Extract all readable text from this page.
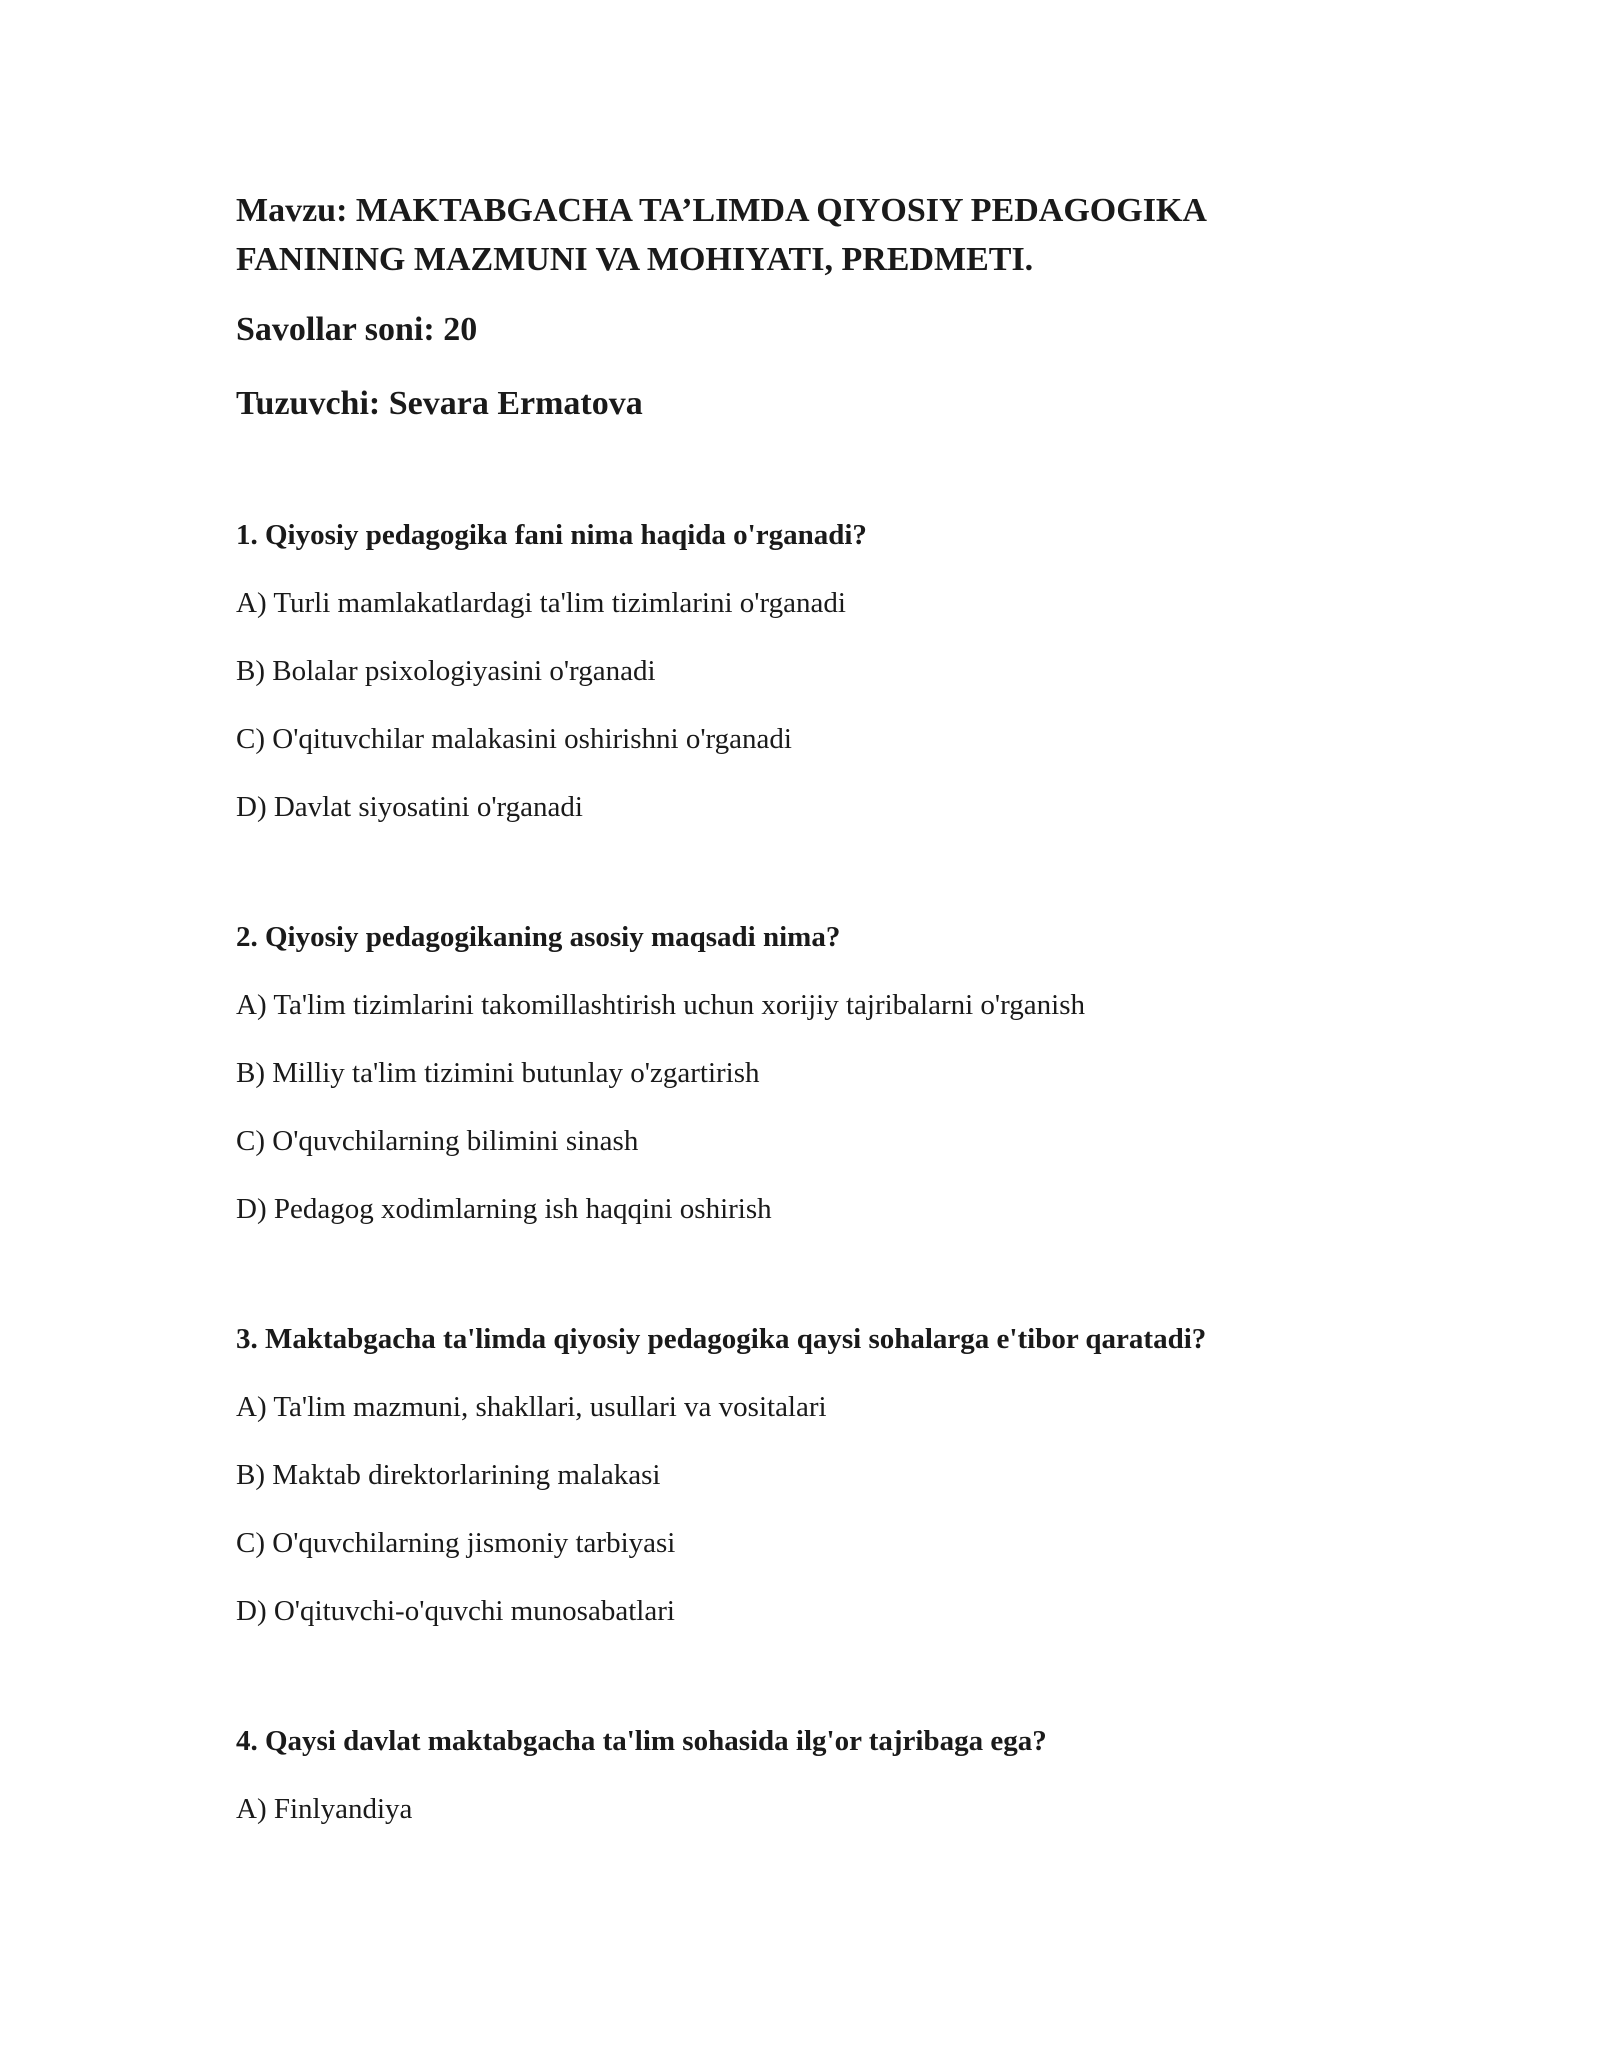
Mavzu: MAKTABGACHA TA’LIMDA QIYOSIY PEDAGOGIKA
FANINING MAZMUNI VA MOHIYATI, PREDMETI.

Savollar soni: 20

Tuzuvchi: Sevara Ermatova

1. Qiyosiy pedagogika fani nima haqida o'rganadi?

A) Turli mamlakatlardagi ta'lim tizimlarini o'rganadi

B) Bolalar psixologiyasini o'rganadi

C) O'qituvchilar malakasini oshirishni o'rganadi

D) Davlat siyosatini o'rganadi

2. Qiyosiy pedagogikaning asosiy maqsadi nima?

A) Ta'lim tizimlarini takomillashtirish uchun xorijiy tajribalarni o'rganish

B) Milliy ta'lim tizimini butunlay o'zgartirish

C) O'quvchilarning bilimini sinash

D) Pedagog xodimlarning ish haqqini oshirish

3. Maktabgacha ta'limda qiyosiy pedagogika qaysi sohalarga e'tibor qaratadi?

A) Ta'lim mazmuni, shakllari, usullari va vositalari

B) Maktab direktorlarining malakasi

C) O'quvchilarning jismoniy tarbiyasi

D) O'qituvchi-o'quvchi munosabatlari

4. Qaysi davlat maktabgacha ta'lim sohasida ilg'or tajribaga ega?

A) Finlyandiya
